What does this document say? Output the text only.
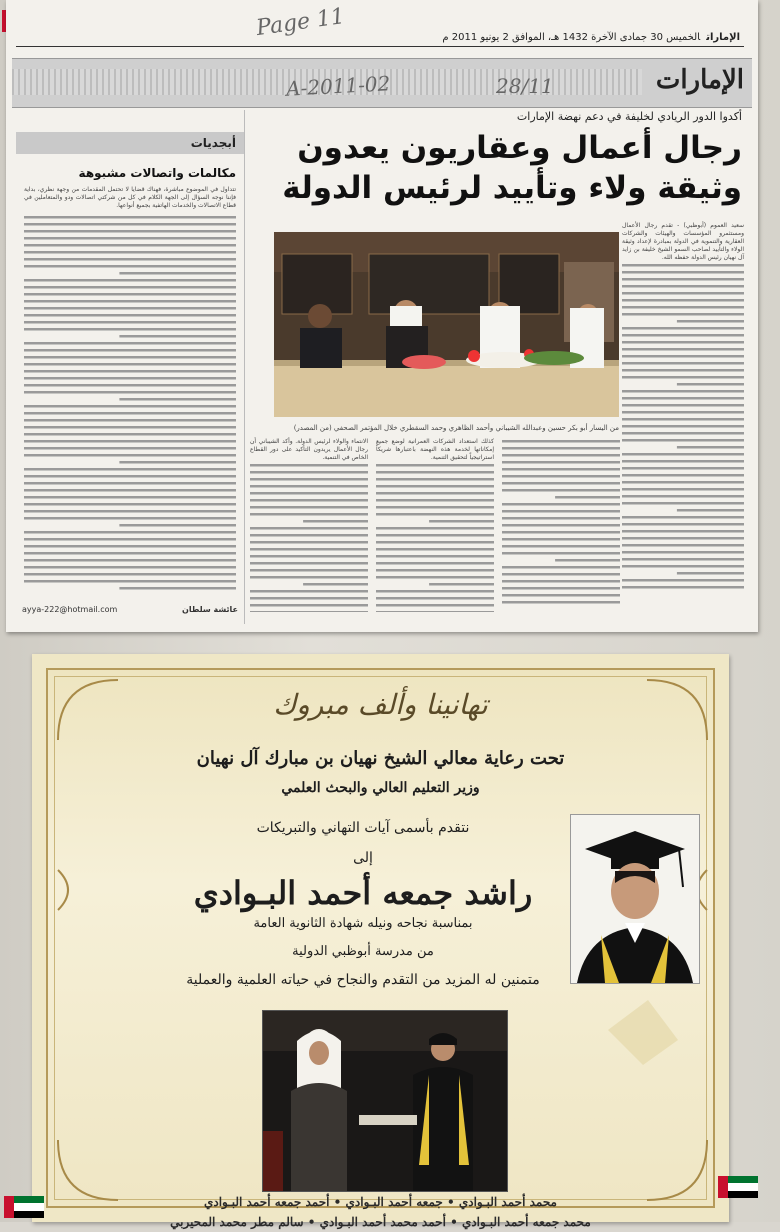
Page 11	الإماراتالخميس 30 جمادى الآخرة 1432 هـ، الموافق 2 يونيو 2011 م
الإمارات
A-2011-02	28/11
أبجديات
مكالمات واتصالات مشبوهة
تتداول في الموضوع مباشرة، فهناك قضايا لا تحتمل المقدمات من وجهة نظري، بداية فإننا نوجه السؤال إلى الجهة الكلام في كل من شركتي اتصالات ودو والمتعاملين في قطاع الاتصالات والخدمات الهاتفية بجميع أنواعها.
ayya-222@hotmail.com	عائشة سلطان
أكدوا الدور الريادي لخليفة في دعم نهضة الإمارات
رجال أعمال وعقاريون يعدون وثيقة ولاء وتأييد لرئيس الدولة
سعيد العموم (أبوظبي) - تقدم رجال الأعمال ومستثمرو المؤسسات والهيئات والشركات العقارية والتنموية في الدولة بمبادرة لإعداد وثيقة الولاء والتأييد لصاحب السمو الشيخ خليفة بن زايد آل نهيان رئيس الدولة حفظه الله.
من اليسار أبو بكر حسين وعبدالله الشيباني وأحمد الظاهري وحمد السقطري خلال المؤتمر الصحفي (من المصدر)
الانتماء والولاء لرئيس الدولة. وأكد الشيباني أن رجال الأعمال يريدون التأكيد على دور القطاع الخاص في التنمية.
كذلك استعداد الشركات العمرانية لوضع جميع إمكاناتها لخدمة هذه النهضة باعتبارها شريكاً استراتيجياً لتحقيق التنمية.
تهانينا وألف مبروك
تحت رعاية معالي الشيخ نهيان بن مبارك آل نهيان
وزير التعليم العالي والبحث العلمي
نتقدم بأسمى آيات التهاني والتبريكات
إلى
راشد جمعه أحمد البـوادي
بمناسبة نجاحه ونيله شهادة الثانوية العامة
من مدرسة أبوظبي الدولية
متمنين له المزيد من التقدم والنجاح في حياته العلمية والعملية
محمد أحمد البـوادي • جمعه أحمد البـوادي • أحمد جمعه أحمد البـوادي
محمد جمعه أحمد البـوادي • أحمد محمد أحمد البـوادي • سالم مطر محمد المحيربي
